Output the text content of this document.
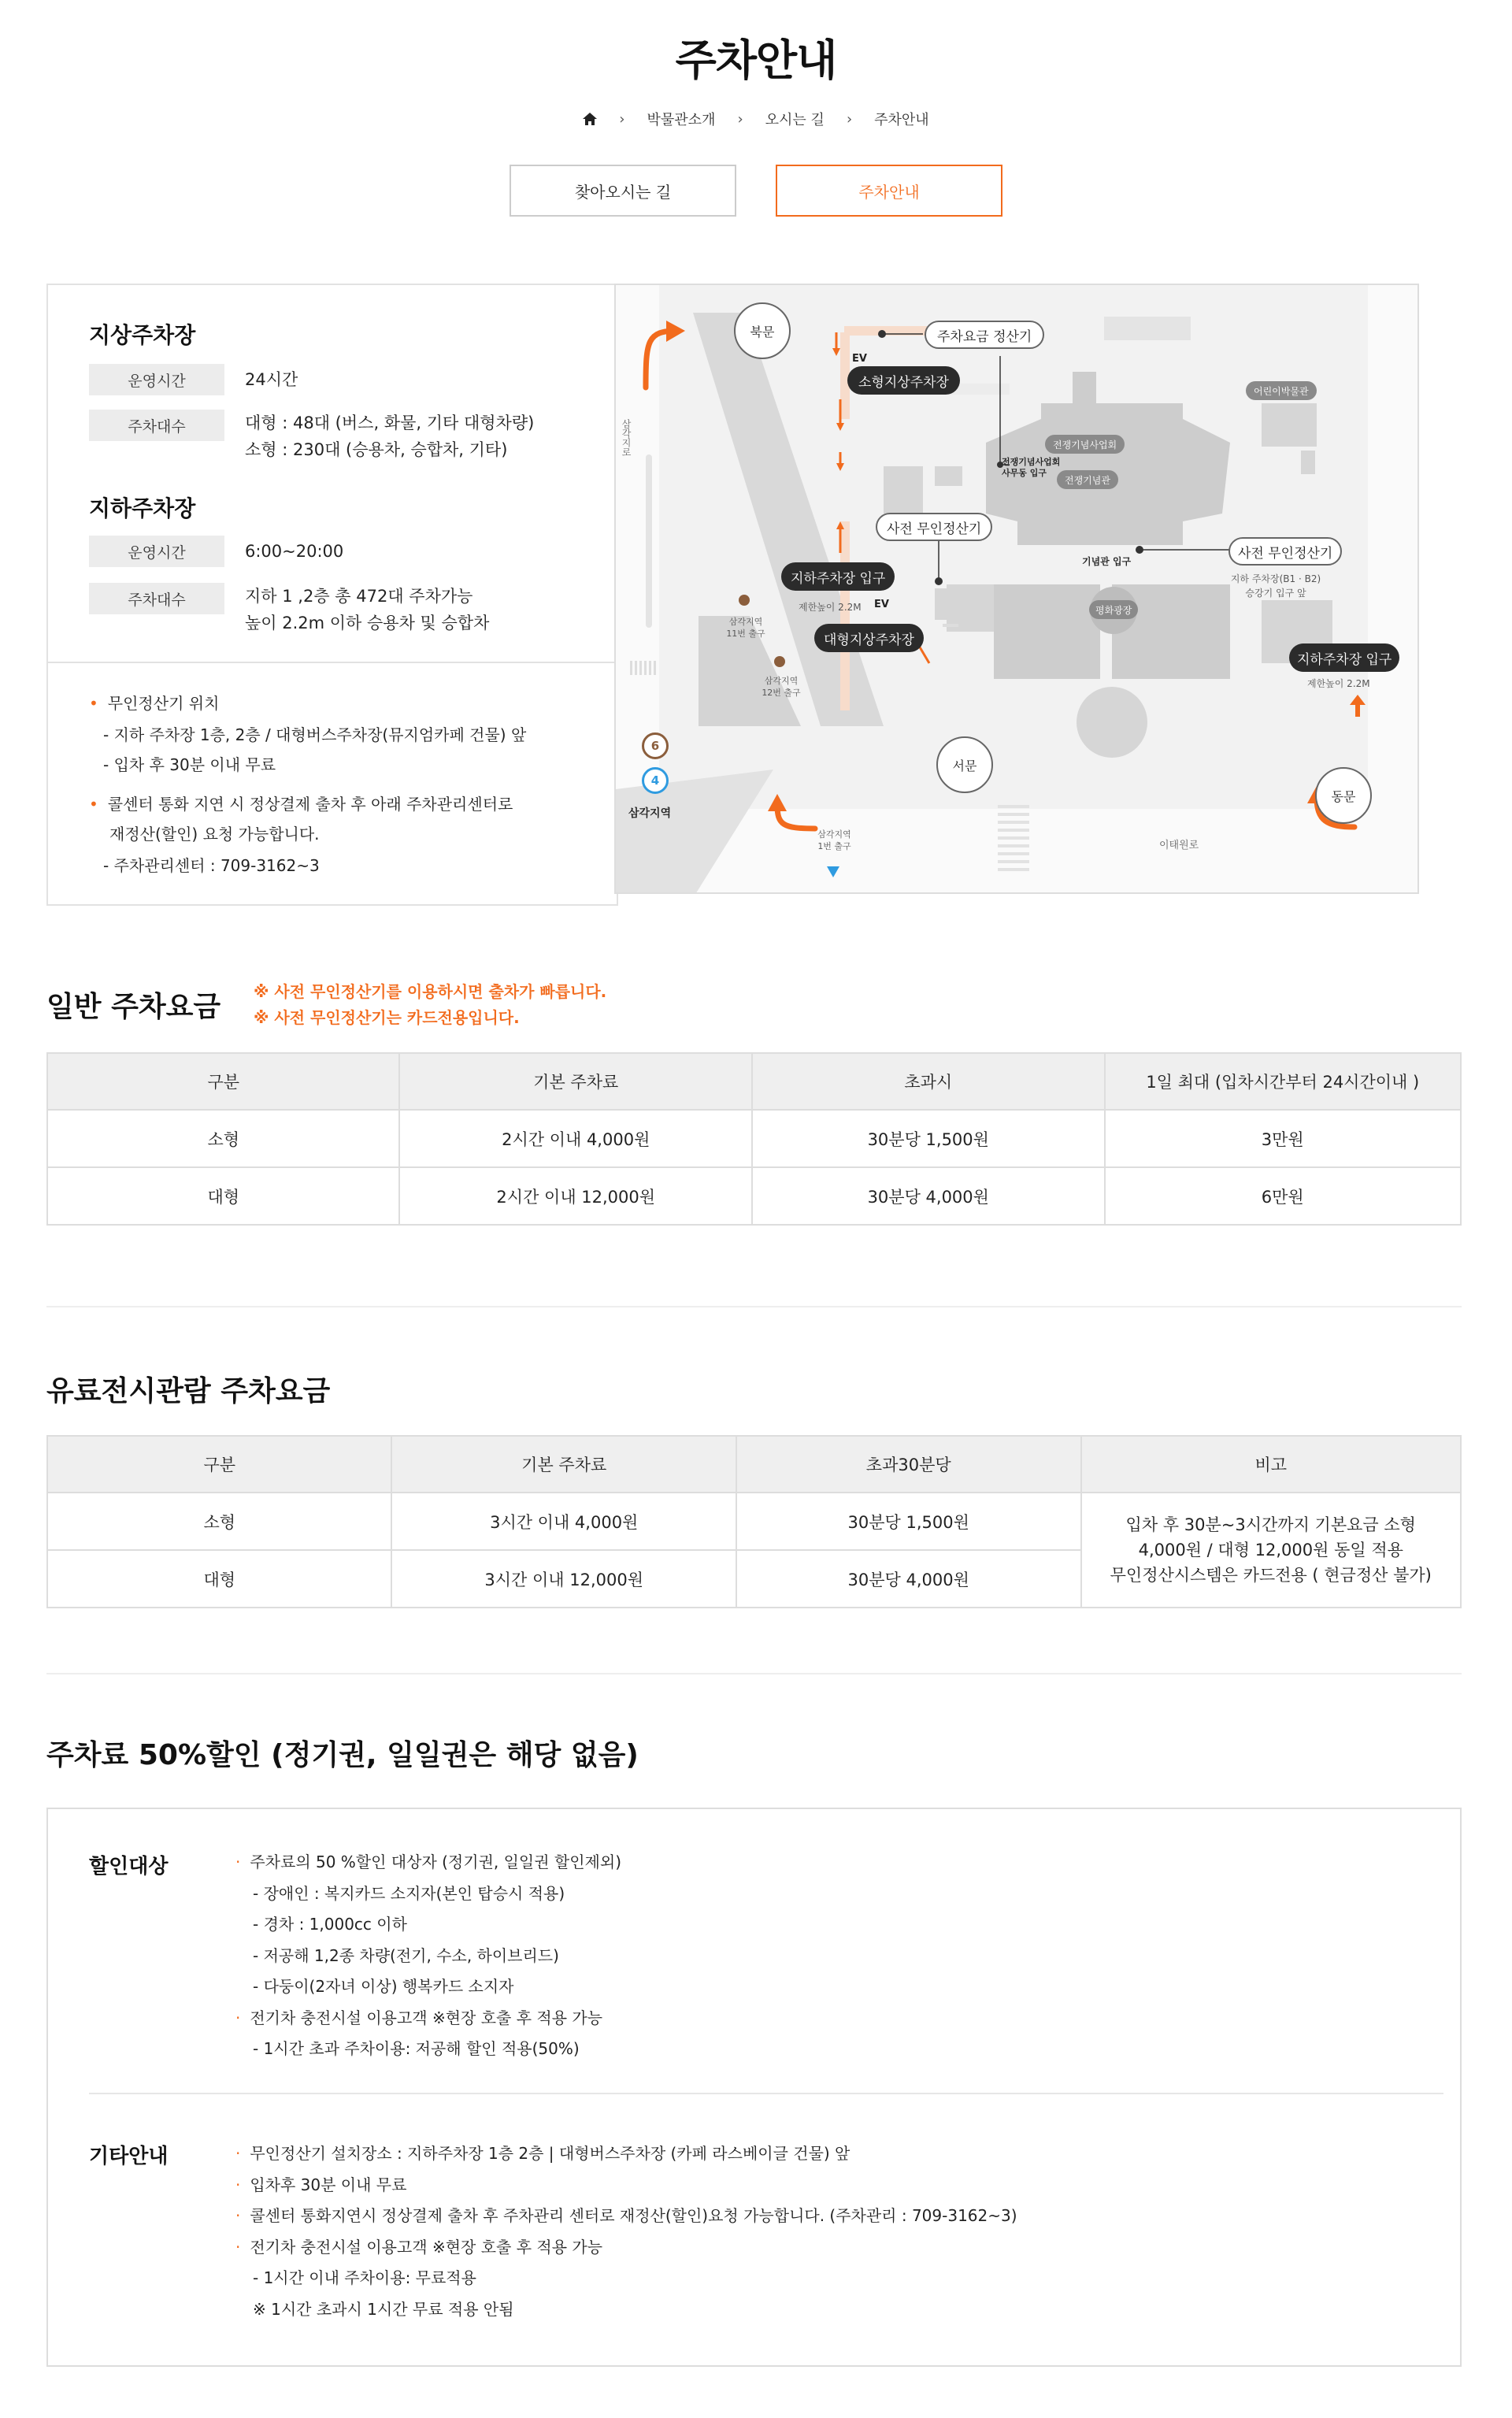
주차안내
› 박물관소개 › 오시는 길 › 주차안내
찾아오시는 길	주차안내
지상주차장
운영시간	24시간
주차대수	대형 : 48대 (버스, 화물, 기타 대형차량)
소형 : 230대 (승용차, 승합차, 기타)
지하주차장
운영시간	6:00~20:00
주차대수	지하 1 ,2층 총 472대 주차가능
높이 2.2m 이하 승용차 및 승합차
• 무인정산기 위치
- 지하 주차장 1층, 2층 / 대형버스주차장(뮤지엄카페 건물) 앞
- 입차 후 30분 이내 무료
• 콜센터 통화 지연 시 정상결제 출차 후 아래 주차관리센터로
재정산(할인) 요청 가능합니다.
- 주차관리센터 : 709-3162~3
북문
서문
동문
주차요금 정산기
EV
소형지상주차장
사전 무인정산기
지하주차장 입구
제한높이 2.2M EV
대형지상주차장
전쟁기념사업회
사무동 입구
전쟁기념사업회
전쟁기념관
어린이박물관
기념관 입구
평화광장
사전 무인정산기
지하 주차장(B1 · B2)
승강기 입구 앞
지하주차장 입구
제한높이 2.2M
삼각지로
삼각지역
11번 출구
삼각지역
12번 출구
삼각지역
1번 출구
6
4
삼각지역
이태원로
일반 주차요금 ※ 사전 무인정산기를 이용하시면 출차가 빠릅니다.
※ 사전 무인정산기는 카드전용입니다.
구분	기본 주차료	초과시	1일 최대 (입차시간부터 24시간이내 )
소형	2시간 이내 4,000원	30분당 1,500원	3만원
대형	2시간 이내 12,000원	30분당 4,000원	6만원
유료전시관람 주차요금
구분	기본 주차료	초과30분당	비고
소형	3시간 이내 4,000원	30분당 1,500원	입차 후 30분~3시간까지 기본요금 소형
4,000원 / 대형 12,000원 동일 적용
무인정산시스템은 카드전용 ( 현금정산 불가)

대형	3시간 이내 12,000원	30분당 4,000원	
주차료 50%할인 (정기권, 일일권은 해당 없음)
할인대상	· 주차료의 50 %할인 대상자 (정기권, 일일권 할인제외)
- 장애인 : 복지카드 소지자(본인 탑승시 적용)
- 경차 : 1,000cc 이하
- 저공해 1,2종 차량(전기, 수소, 하이브리드)
- 다둥이(2자녀 이상) 행복카드 소지자
· 전기차 충전시설 이용고객 ※현장 호출 후 적용 가능
- 1시간 초과 주차이용: 저공해 할인 적용(50%)
기타안내	· 무인정산기 설치장소 : 지하주차장 1층 2층 | 대형버스주차장 (카페 라스베이글 건물) 앞
· 입차후 30분 이내 무료
· 콜센터 통화지연시 정상결제 출차 후 주차관리 센터로 재정산(할인)요청 가능합니다. (주차관리 : 709-3162~3)
· 전기차 충전시설 이용고객 ※현장 호출 후 적용 가능
- 1시간 이내 주차이용: 무료적용
※ 1시간 초과시 1시간 무료 적용 안됨
